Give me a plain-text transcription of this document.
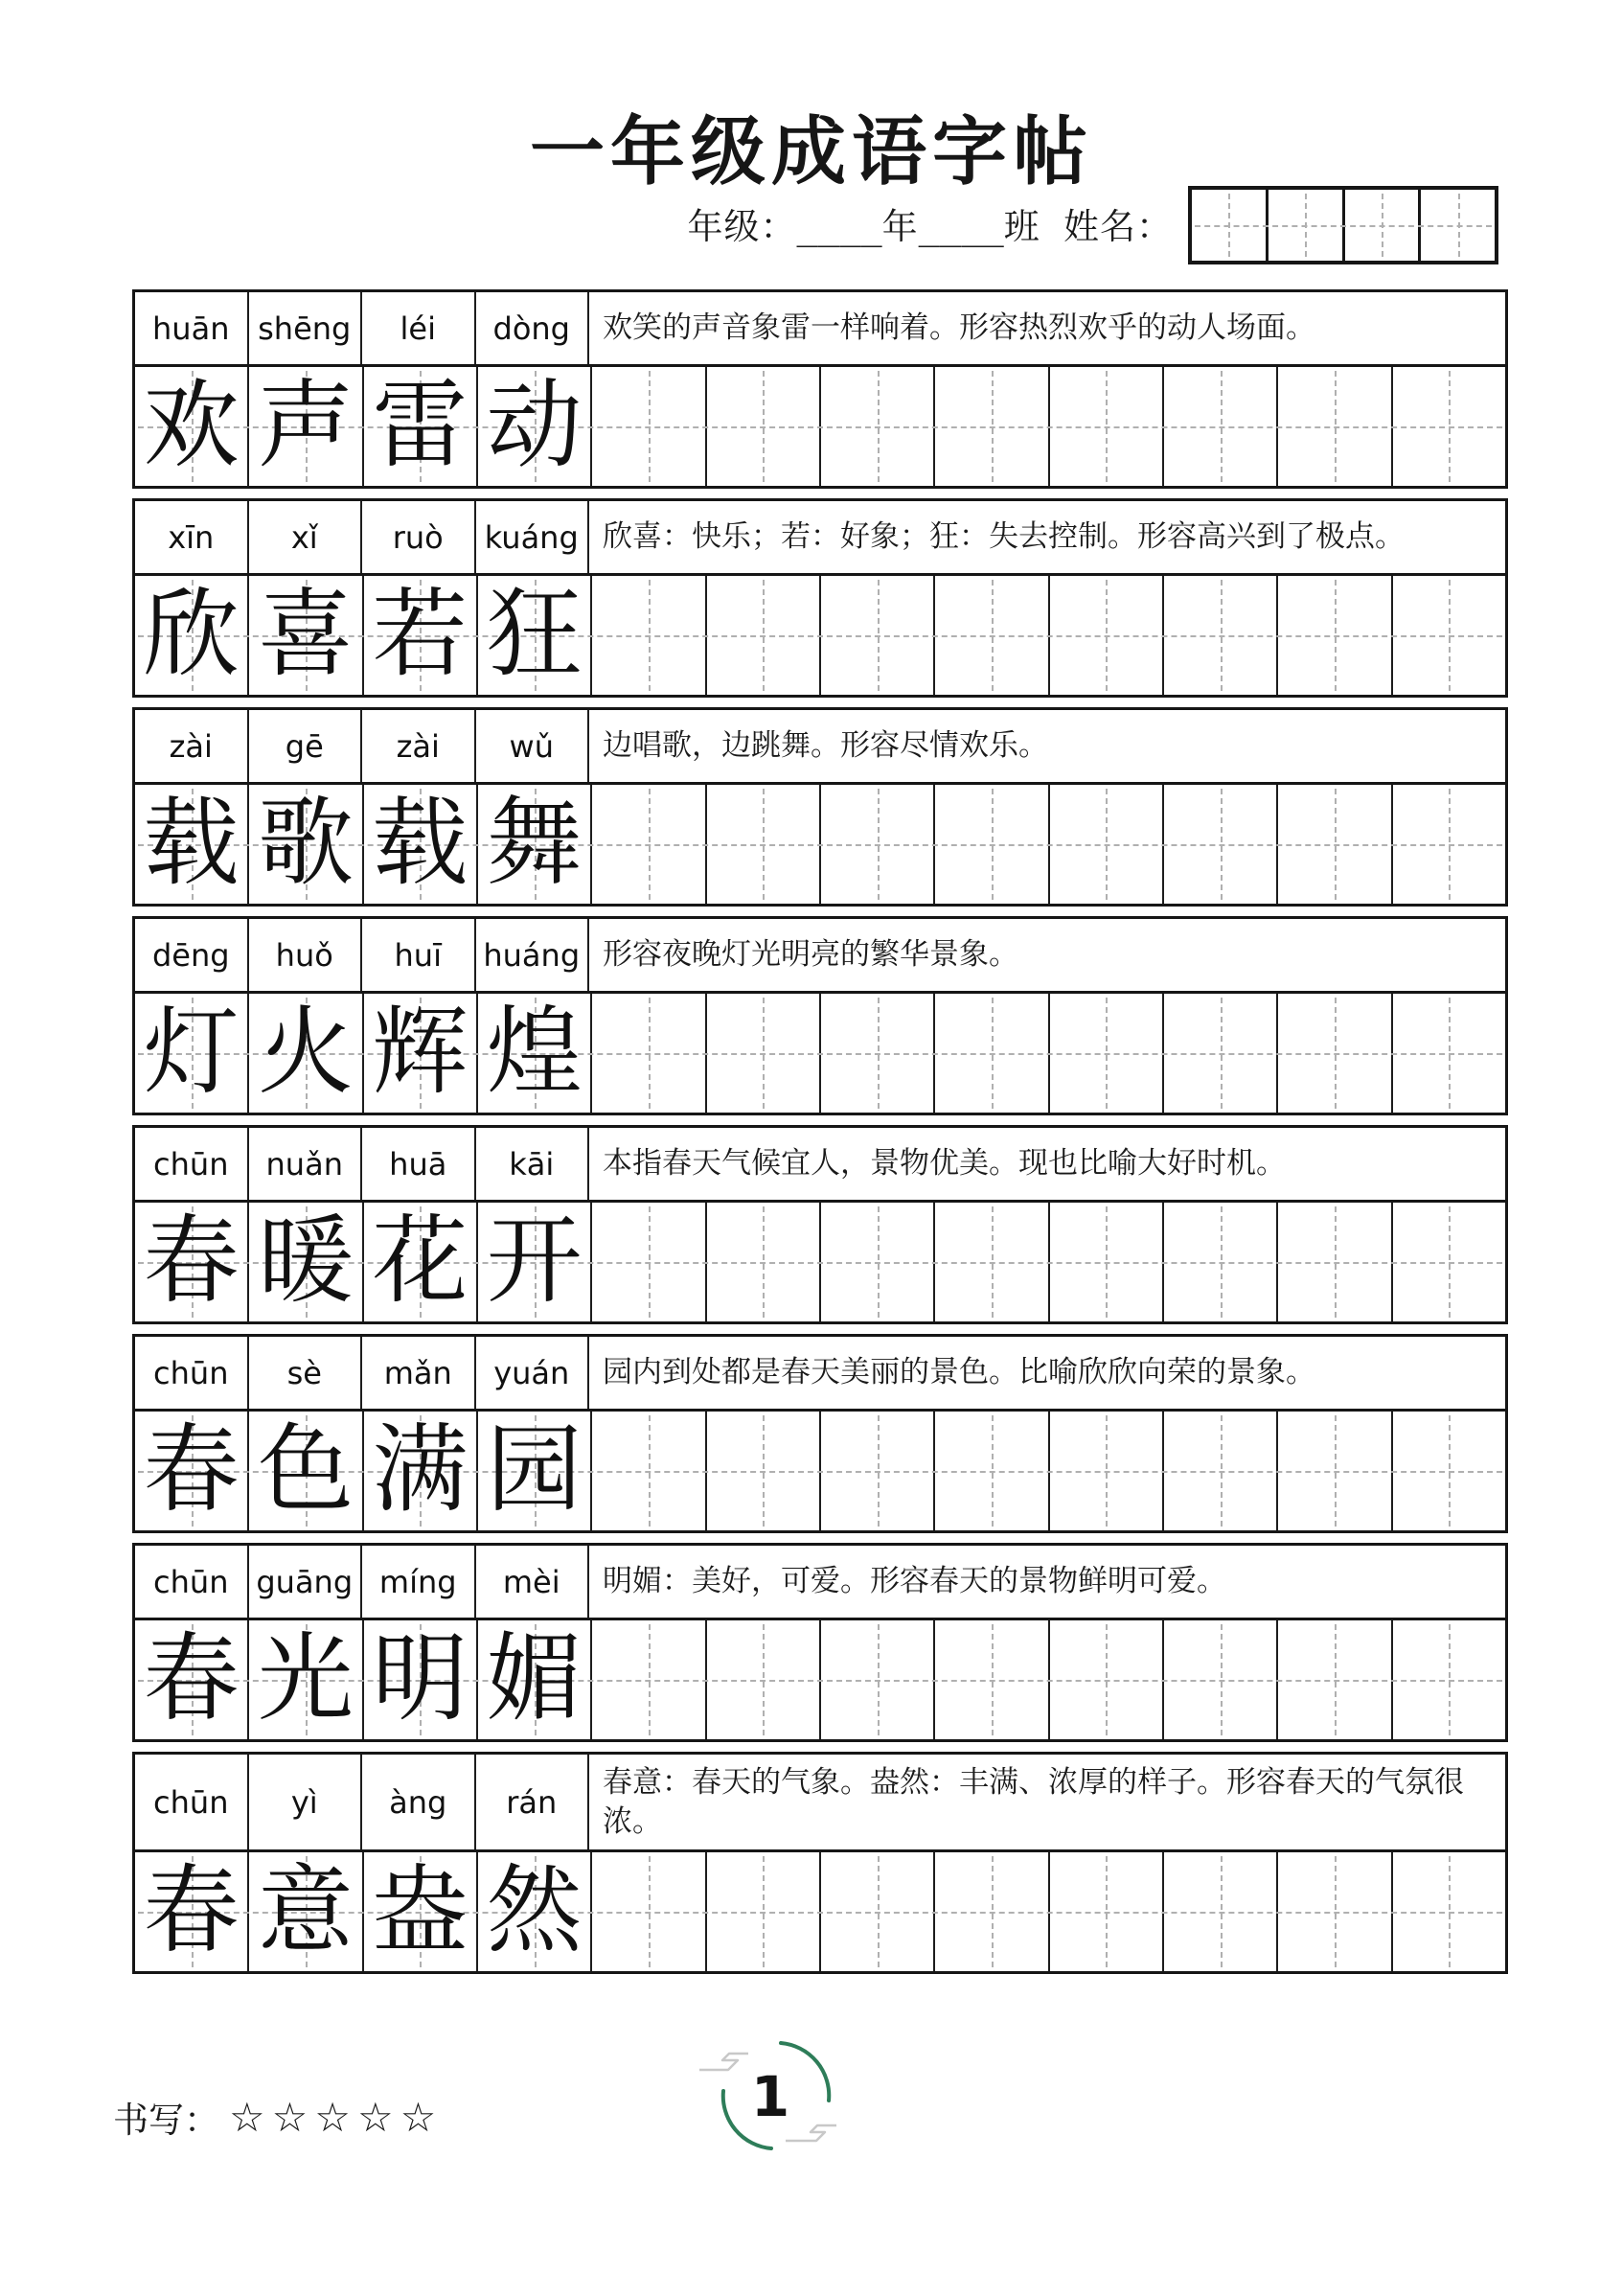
一年级成语字帖
年级：____年____班 姓名：
huān shēng léi dòng 欢笑的声音象雷一样响着。形容热烈欢乎的动人场面。
欢 声 雷 动
xīn	xǐ ruò kuáng 欣喜：快乐；若：好象；狂：失去控制。形容高兴到了极点。
欣 喜 若 狂
zài gē zài wǔ 边唱歌，边跳舞。形容尽情欢乐。
载 歌 载 舞
dēng huǒ huī huáng 形容夜晚灯光明亮的繁华景象。
灯 火 辉 煌
chūn nuǎn huā kāi 本指春天气候宜人，景物优美。现也比喻大好时机。
春 暖 花 开
chūn sè mǎn yuán 园内到处都是春天美丽的景色。比喻欣欣向荣的景象。
春 色 满 园
chūn guāng míng mèi 明媚：美好，可爱。形容春天的景物鲜明可爱。
春 光 明 媚
chūn yì àng rán
春意：春天的气象。盎然：丰满、浓厚的样子。形容春天的气氛很浓。
春 意 盎 然
书写： ☆☆☆☆☆	1
